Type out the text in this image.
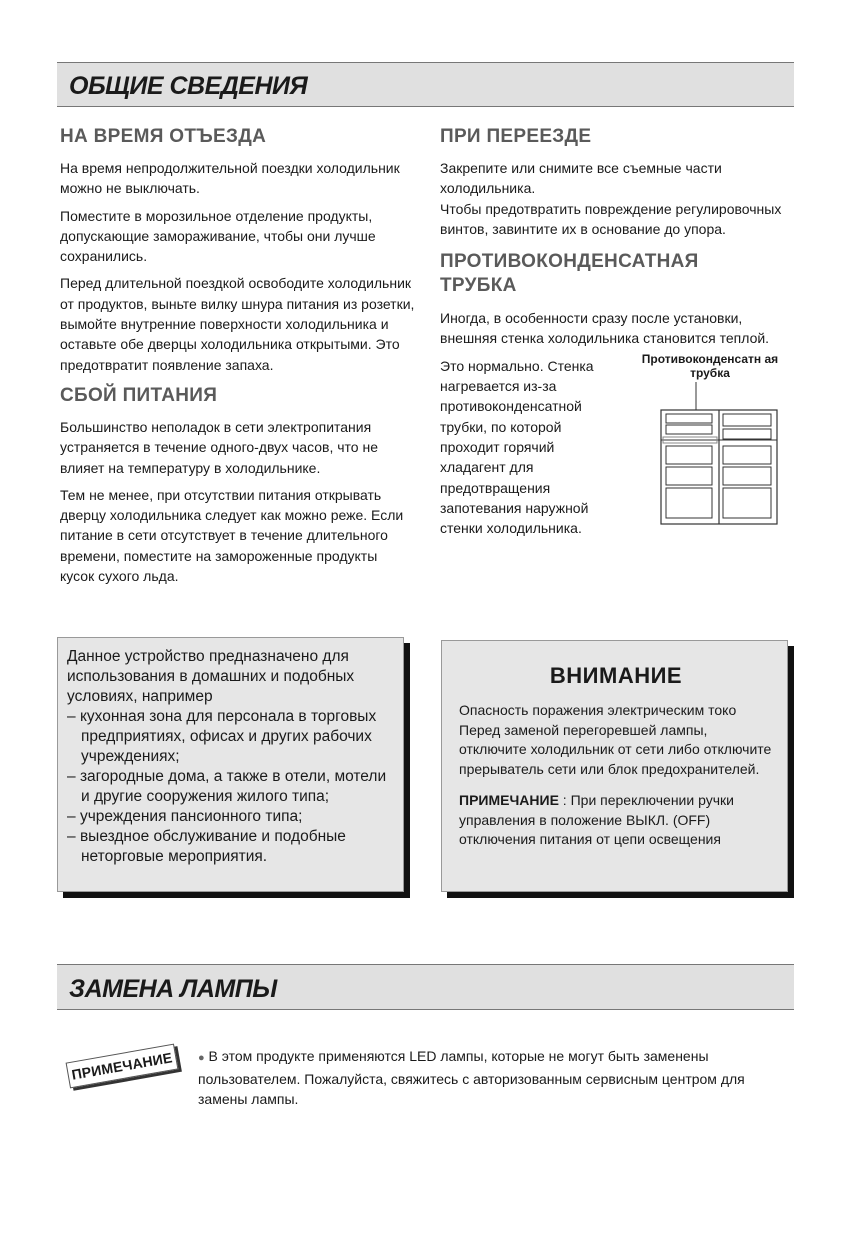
ОБЩИЕ СВЕДЕНИЯ
НА ВРЕМЯ ОТЪЕЗДА

На время непродолжительной поездки холодильник можно не выключать.

Поместите в морозильное отделение продукты, допускающие замораживание, чтобы они лучше сохранились.

Перед длительной поездкой освободите холодильник от продуктов, выньте вилку шнура питания из розетки, вымойте внутренние поверхности холодильника и оставьте обе дверцы холодильника открытыми. Это предотвратит появление запаха.

СБОЙ ПИТАНИЯ

Большинство неполадок в сети электропитания устраняется в течение одного-двух часов, что не влияет на температуру в холодильнике.

Тем не менее, при отсутствии питания открывать дверцу холодильника следует как можно реже. Если питание в сети отсутствует в течение длительного времени, поместите на замороженные продукты кусок сухого льда.

ПРИ ПЕРЕЕЗДЕ

Закрепите или снимите все съемные части холодильника.

Чтобы предотвратить повреждение регулировочных винтов, завинтите их в основание до упора.

ПРОТИВОКОНДЕНСАТНАЯ
ТРУБКА

Иногда, в особенности сразу после установки, внешняя стенка холодильника становится теплой.

Это нормально. Стенка нагревается из-за противоконденсатной трубки, по которой проходит горячий хладагент для предотвращения запотевания наружной стенки холодильника.
Противоконденсатн ая трубка
Данное устройство предназначено для использования в домашних и подобных условиях, например
– кухонная зона для персонала в торговых предприятиях, офисах и других рабочих учреждениях;
– загородные дома, а также в отели, мотели и другие сооружения жилого типа;
– учреждения пансионного типа;
– выездное обслуживание и подобные неторговые мероприятия.
ВНИМАНИЕ

Опасность поражения электрическим токо

Перед заменой перегоревшей лампы, отключите холодильник от сети либо отключите прерыватель сети или блок предохранителей.

ПРИМЕЧАНИЕ : При переключении ручки управления в положение ВЫКЛ. (OFF) отключения питания от цепи освещения
ЗАМЕНА ЛАМПЫ
ПРИМЕЧАНИЕ	● В этом продукте применяются LED лампы, которые не могут быть заменены пользователем. Пожалуйста, свяжитесь с авторизованным сервисным центром для замены лампы.
